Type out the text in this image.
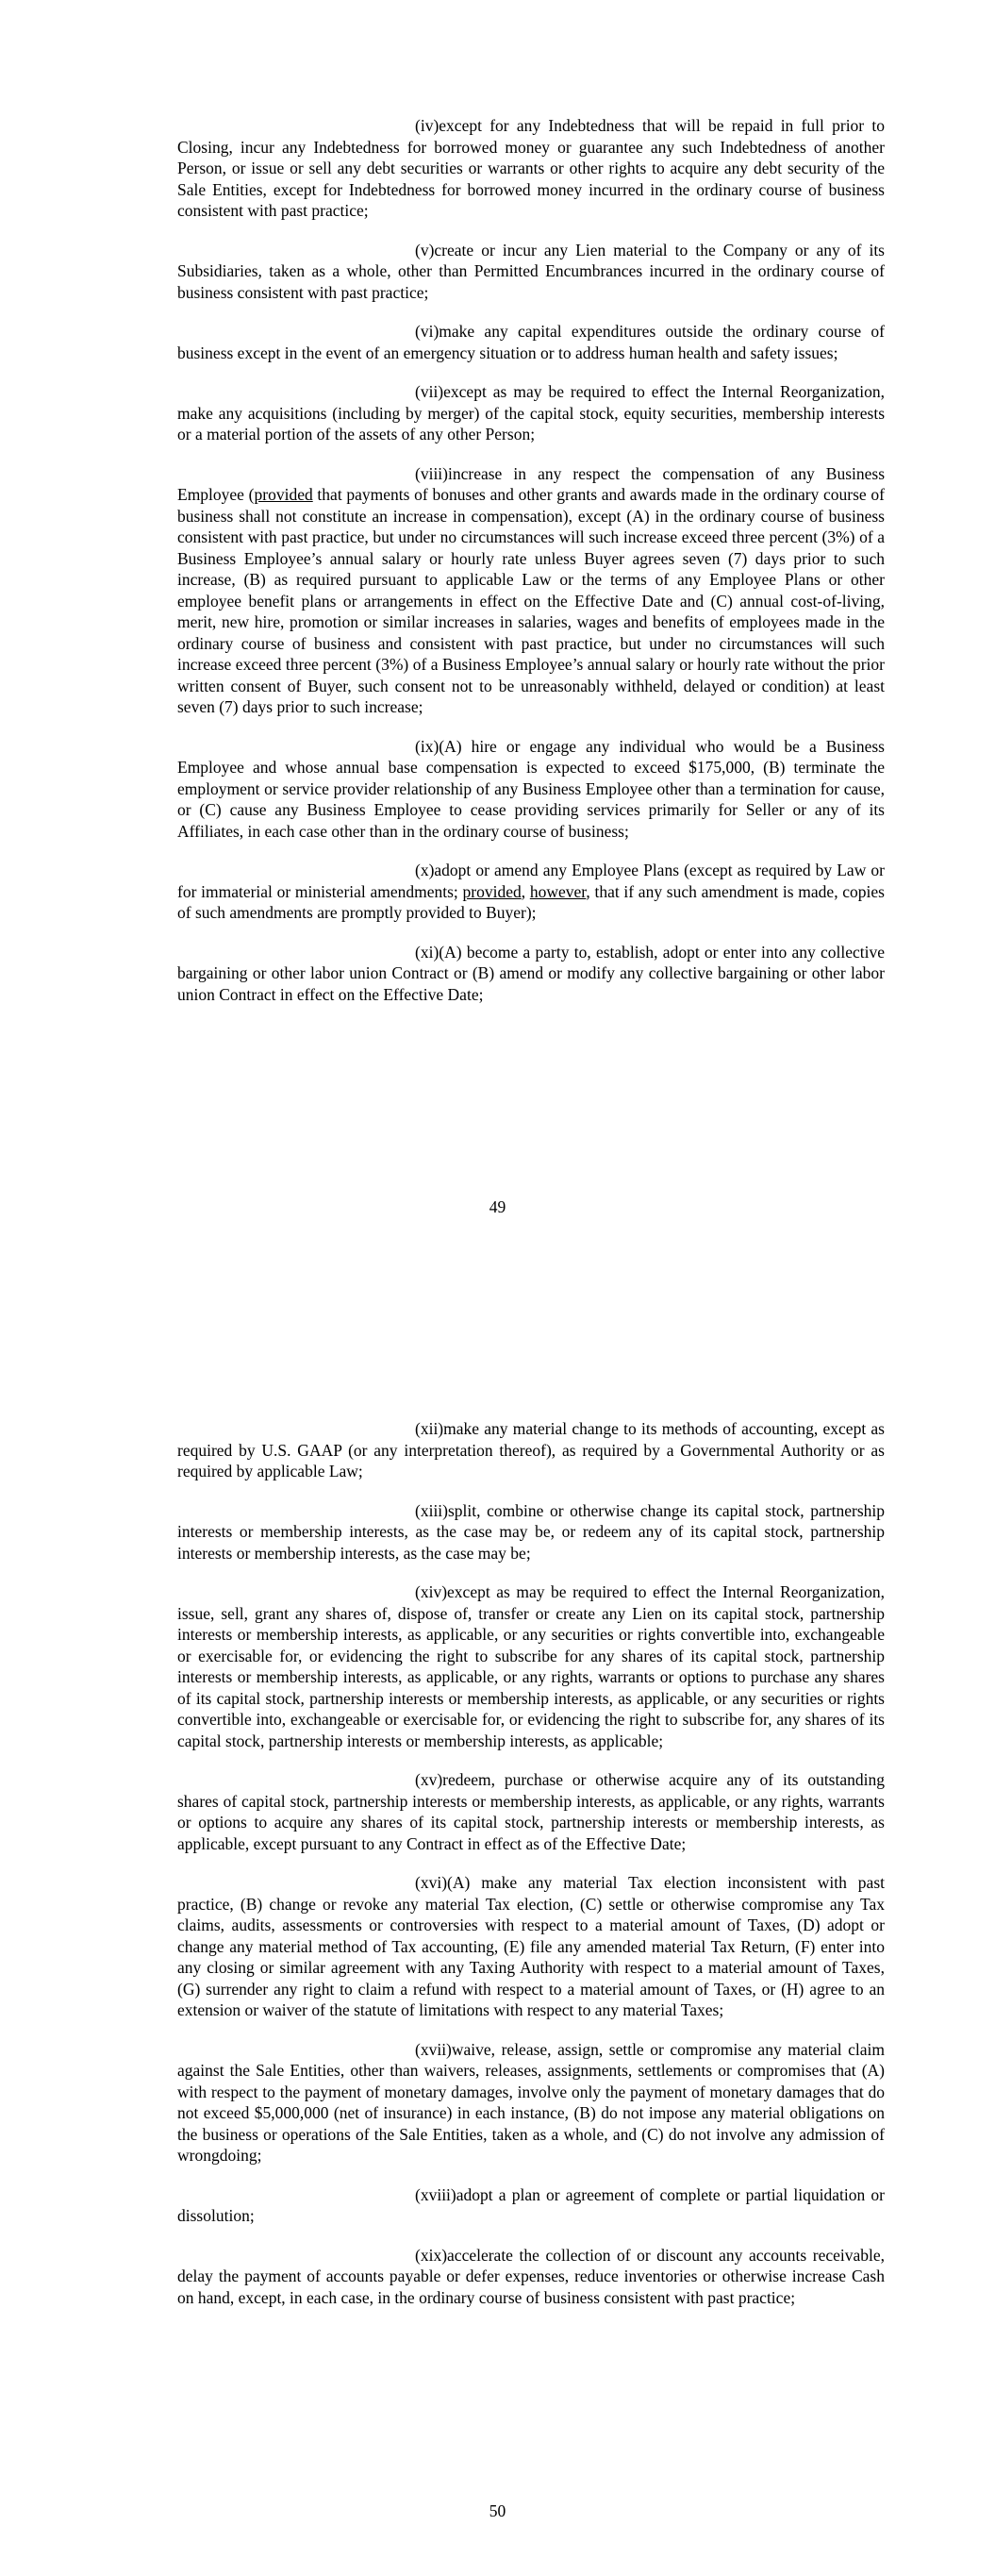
(iv)except for any Indebtedness that will be repaid in full prior to Closing, incur any Indebtedness for borrowed money or guarantee any such Indebtedness of another Person, or issue or sell any debt securities or warrants or other rights to acquire any debt security of the Sale Entities, except for Indebtedness for borrowed money incurred in the ordinary course of business consistent with past practice;

(v)create or incur any Lien material to the Company or any of its Subsidiaries, taken as a whole, other than Permitted Encumbrances incurred in the ordinary course of business consistent with past practice;

(vi)make any capital expenditures outside the ordinary course of business except in the event of an emergency situation or to address human health and safety issues;

(vii)except as may be required to effect the Internal Reorganization, make any acquisitions (including by merger) of the capital stock, equity securities, membership interests or a material portion of the assets of any other Person;

(viii)increase in any respect the compensation of any Business Employee (provided that payments of bonuses and other grants and awards made in the ordinary course of business shall not constitute an increase in compensation), except (A) in the ordinary course of business consistent with past practice, but under no circumstances will such increase exceed three percent (3%) of a Business Employee’s annual salary or hourly rate unless Buyer agrees seven (7) days prior to such increase, (B) as required pursuant to applicable Law or the terms of any Employee Plans or other employee benefit plans or arrangements in effect on the Effective Date and (C) annual cost-of-living, merit, new hire, promotion or similar increases in salaries, wages and benefits of employees made in the ordinary course of business and consistent with past practice, but under no circumstances will such increase exceed three percent (3%) of a Business Employee’s annual salary or hourly rate without the prior written consent of Buyer, such consent not to be unreasonably withheld, delayed or condition) at least seven (7) days prior to such increase;

(ix)(A) hire or engage any individual who would be a Business Employee and whose annual base compensation is expected to exceed $175,000, (B) terminate the employment or service provider relationship of any Business Employee other than a termination for cause, or (C) cause any Business Employee to cease providing services primarily for Seller or any of its Affiliates, in each case other than in the ordinary course of business;

(x)adopt or amend any Employee Plans (except as required by Law or for immaterial or ministerial amendments; provided, however, that if any such amendment is made, copies of such amendments are promptly provided to Buyer);

(xi)(A) become a party to, establish, adopt or enter into any collective bargaining or other labor union Contract or (B) amend or modify any collective bargaining or other labor union Contract in effect on the Effective Date;

49

(xii)make any material change to its methods of accounting, except as required by U.S. GAAP (or any interpretation thereof), as required by a Governmental Authority or as required by applicable Law;

(xiii)split, combine or otherwise change its capital stock, partnership interests or membership interests, as the case may be, or redeem any of its capital stock, partnership interests or membership interests, as the case may be;

(xiv)except as may be required to effect the Internal Reorganization, issue, sell, grant any shares of, dispose of, transfer or create any Lien on its capital stock, partnership interests or membership interests, as applicable, or any securities or rights convertible into, exchangeable or exercisable for, or evidencing the right to subscribe for any shares of its capital stock, partnership interests or membership interests, as applicable, or any rights, warrants or options to purchase any shares of its capital stock, partnership interests or membership interests, as applicable, or any securities or rights convertible into, exchangeable or exercisable for, or evidencing the right to subscribe for, any shares of its capital stock, partnership interests or membership interests, as applicable;

(xv)redeem, purchase or otherwise acquire any of its outstanding shares of capital stock, partnership interests or membership interests, as applicable, or any rights, warrants or options to acquire any shares of its capital stock, partnership interests or membership interests, as applicable, except pursuant to any Contract in effect as of the Effective Date;

(xvi)(A) make any material Tax election inconsistent with past practice, (B) change or revoke any material Tax election, (C) settle or otherwise compromise any Tax claims, audits, assessments or controversies with respect to a material amount of Taxes, (D) adopt or change any material method of Tax accounting, (E) file any amended material Tax Return, (F) enter into any closing or similar agreement with any Taxing Authority with respect to a material amount of Taxes, (G) surrender any right to claim a refund with respect to a material amount of Taxes, or (H) agree to an extension or waiver of the statute of limitations with respect to any material Taxes;

(xvii)waive, release, assign, settle or compromise any material claim against the Sale Entities, other than waivers, releases, assignments, settlements or compromises that (A) with respect to the payment of monetary damages, involve only the payment of monetary damages that do not exceed $5,000,000 (net of insurance) in each instance, (B) do not impose any material obligations on the business or operations of the Sale Entities, taken as a whole, and (C) do not involve any admission of wrongdoing;

(xviii)adopt a plan or agreement of complete or partial liquidation or dissolution;

(xix)accelerate the collection of or discount any accounts receivable, delay the payment of accounts payable or defer expenses, reduce inventories or otherwise increase Cash on hand, except, in each case, in the ordinary course of business consistent with past practice;

50
